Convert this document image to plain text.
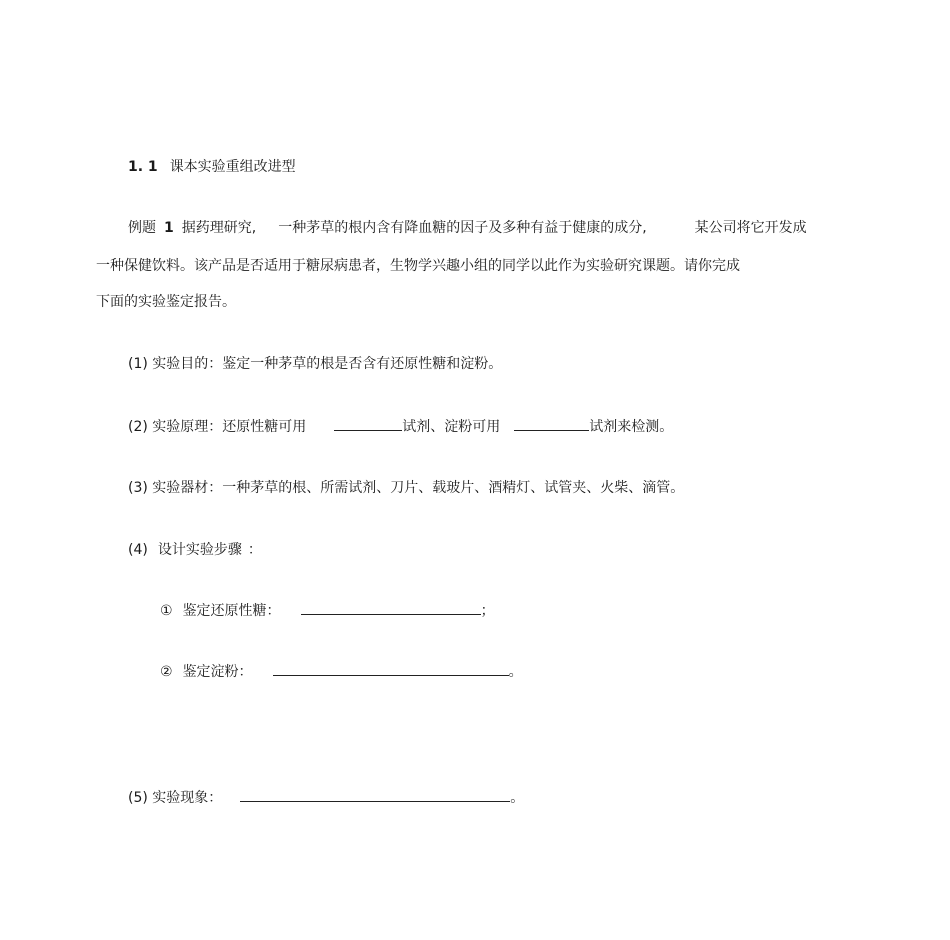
1. 1 课本实验重组改进型
例题 1 据药理研究, 一种茅草的根内含有降血糖的因子及多种有益于健康的成分,	某公司将它开发成
一种保健饮料。该产品是否适用于糖尿病患者，生物学兴趣小组的同学以此作为实验研究课题。请你完成
下面的实验鉴定报告。
(1) 实验目的：鉴定一种茅草的根是否含有还原性糖和淀粉。
(2) 实验原理：还原性糖可用	试剂、淀粉可用	试剂来检测。
(3) 实验器材：一种茅草的根、所需试剂、刀片、载玻片、酒精灯、试管夹、火柴、滴管。
(4) 设计实验步骤 ：
① 鉴定还原性糖：	；
② 鉴定淀粉：	。
(5) 实验现象：	。
